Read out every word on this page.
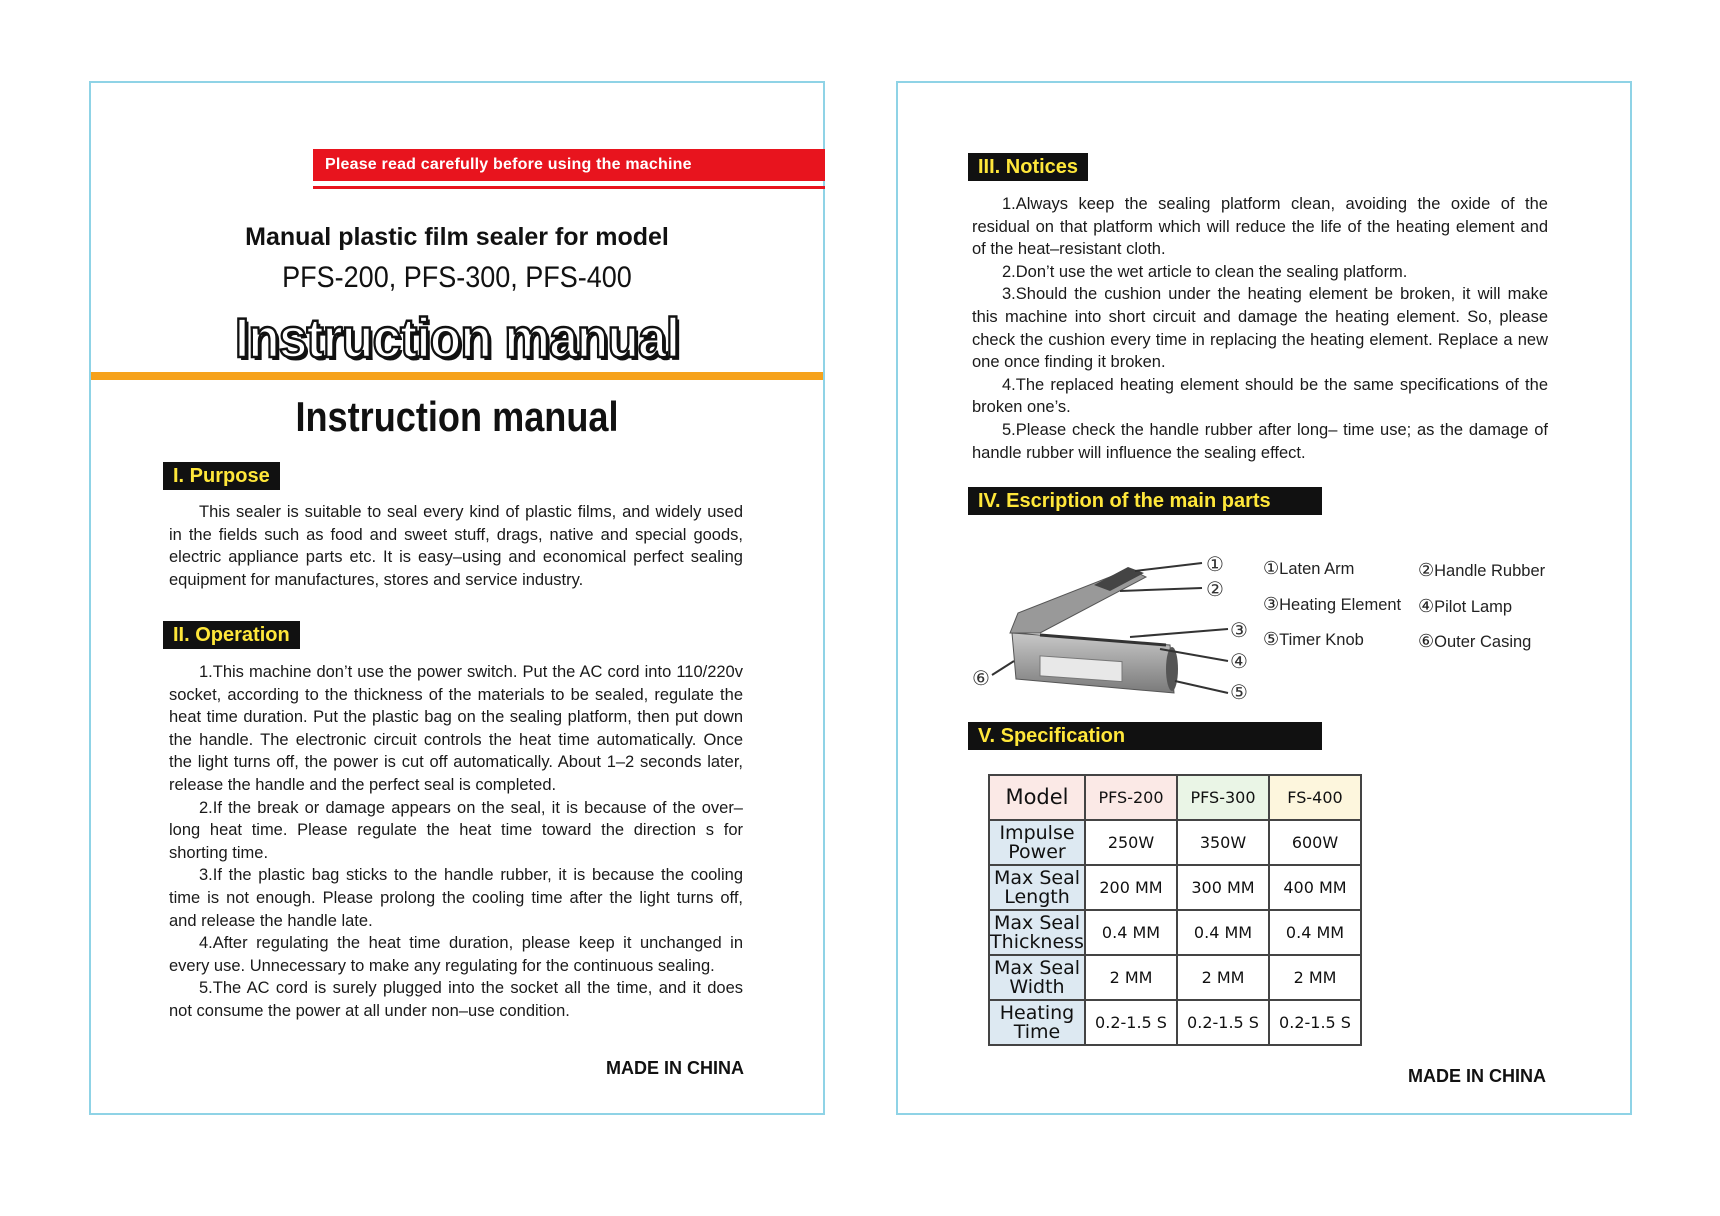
Please read carefully before using the machine
Manual plastic film sealer for model
PFS-200, PFS-300, PFS-400
Instruction manual
Instruction manual
I. Purpose

This sealer is suitable to seal every kind of plastic films, and widely used in the fields such as food and sweet stuff, drags, native and special goods, electric appliance parts etc. It is easy–using and economical perfect sealing equipment for manufactures, stores and service industry.

II. Operation

1.This machine don’t use the power switch. Put the AC cord into 110/220v socket, according to the thickness of the materials to be sealed, regulate the heat time duration. Put the plastic bag on the sealing platform, then put down the handle. The electronic circuit controls the heat time automatically. Once the light turns off, the power is cut off automatically. About 1–2 seconds later, release the handle and the perfect seal is completed.

2.If the break or damage appears on the seal, it is because of the over–long heat time. Please regulate the heat time toward the direction s for shorting time.

3.If the plastic bag sticks to the handle rubber, it is because the cooling time is not enough. Please prolong the cooling time after the light turns off, and release the handle late.

4.After regulating the heat time duration, please keep it unchanged in every use. Unnecessary to make any regulating for the continuous sealing.

5.The AC cord is surely plugged into the socket all the time, and it does not consume the power at all under non–use condition.

MADE IN CHINA
III. Notices

1.Always keep the sealing platform clean, avoiding the oxide of the residual on that platform which will reduce the life of the heating element and of the heat–resistant cloth.

2.Don’t use the wet article to clean the sealing platform.

3.Should the cushion under the heating element be broken, it will make this machine into short circuit and damage the heating element. So, please check the cushion every time in replacing the heating element. Replace a new one once finding it broken.

4.The replaced heating element should be the same specifications of the broken one’s.

5.Please check the handle rubber after long– time use; as the damage of handle rubber will influence the sealing effect.

IV. Escription of the main parts
①
②
③
④
⑤
⑥
①Laten Arm	②Handle Rubber
③Heating Element ④Pilot Lamp
⑤Timer Knob	⑥Outer Casing
V. Specification
Model	PFS-200	PFS-300	FS-400
Impulse
Power	250W	350W	600W
Max Seal
Length	200 MM	300 MM	400 MM
Max Seal
Thickness	0.4 MM	0.4 MM	0.4 MM
Max Seal
Width	2 MM	2 MM	2 MM
Heating
Time	0.2-1.5 S	0.2-1.5 S	0.2-1.5 S
MADE IN CHINA
